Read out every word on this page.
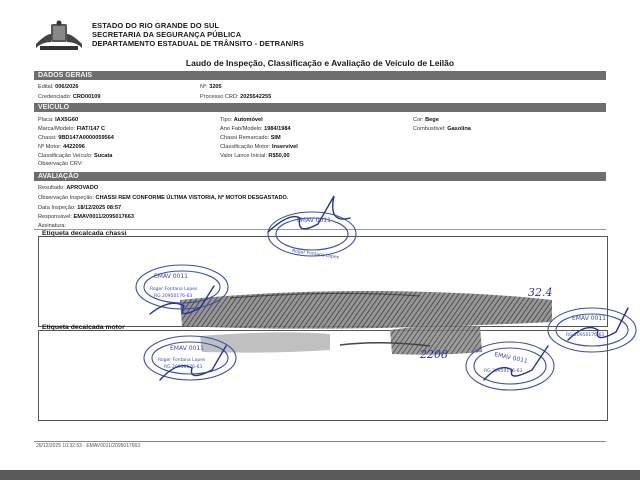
ESTADO DO RIO GRANDE DO SUL
SECRETARIA DA SEGURANÇA PÚBLICA
DEPARTAMENTO ESTADUAL DE TRÂNSITO - DETRAN/RS
Laudo de Inspeção, Classificação e Avaliação de Veículo de Leilão
DADOS GERAIS
Edital: 006/2026	Nº: 3205
Credenciado: CRD00109	Processo CRD: 2025542255
VEÍCULO
Placa: IAX5G60	Tipo: Automóvel	Cor: Bege
Marca/Modelo: FIAT/147 C	Ano Fab/Modelo: 1984/1984	Combustível: Gasolina
Chassi: 9BD147A0000059564	Chassi Remarcado: SIM
Nº Motor: 4422096	Classificação Motor: Inservível
Classificação Veículo: Sucata	Valor Lance Inicial: R$50,00
Observação CRV:
AVALIAÇÃO
Resultado: APROVADO
Observação Inspeção: CHASSI REM CONFORME ÚLTIMA VISTORIA, Nº MOTOR DESGASTADO.
Data Inspeção: 18/12/2025 08:57
Responsável: EMAV0011/2095017663
Assinatura:
Etiqueta decalcada chassi
Etiqueta decalcada motor
26/12/2025 10:32:53 - EMAV0011/2095017663
EMAV 0011
Roger Fontana Lopes
EMAV 0011
Roger Fontana Lopes
RG 20950176-63
EMAV 0011
Roger Fontana Lopes
RG 20950176-63
EMAV 0011
RG 20950176-63
EMAV 0011
RG 20950176-63
32.4
2208
